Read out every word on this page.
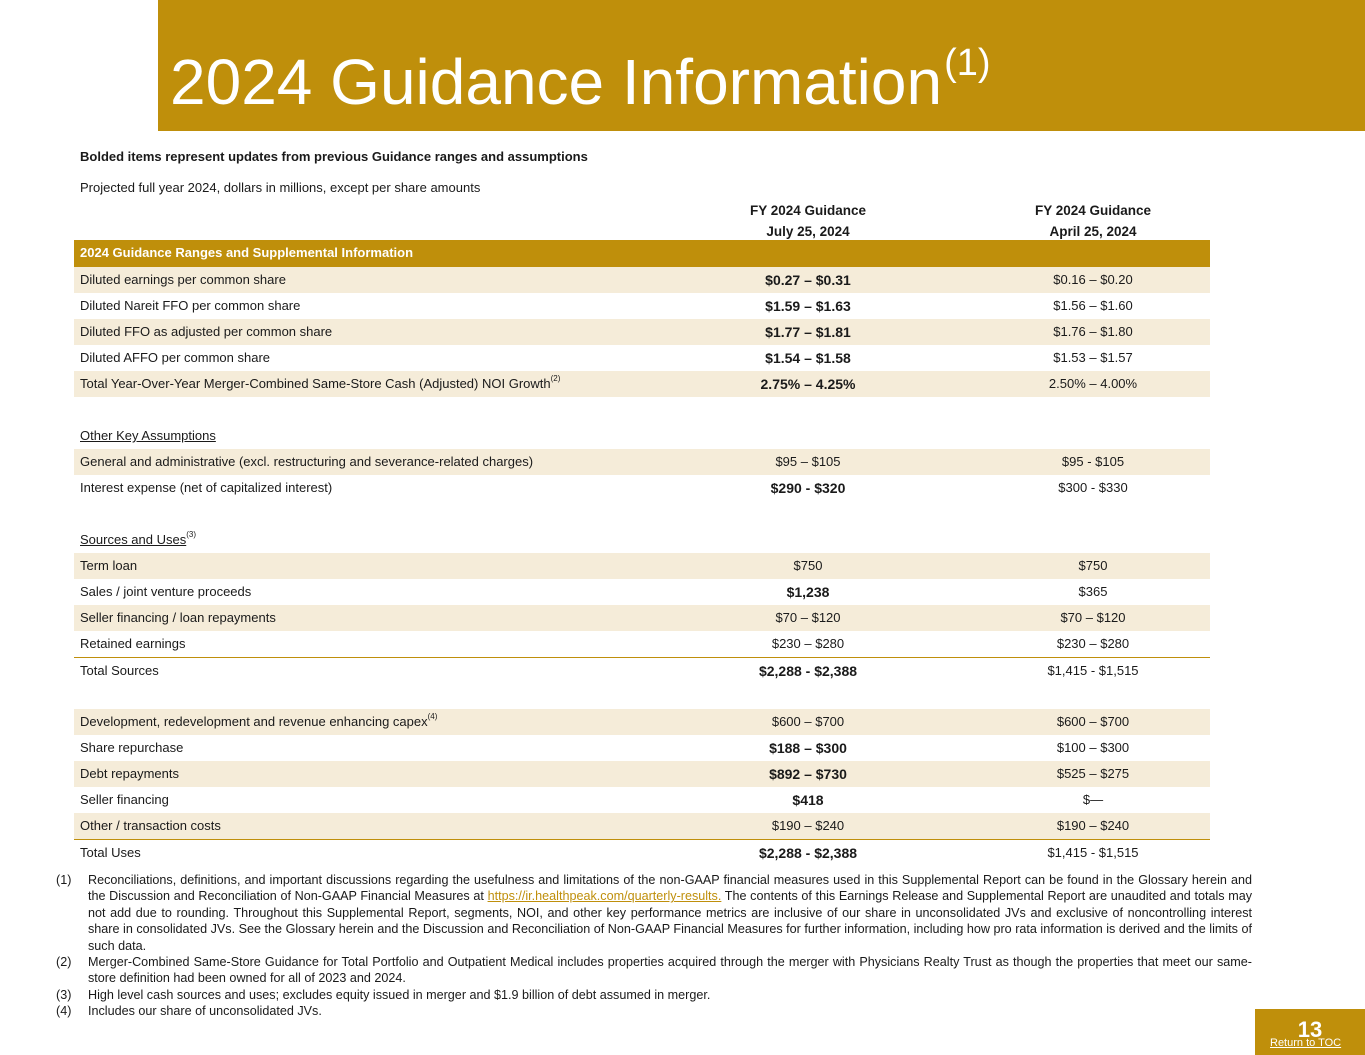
2024 Guidance Information$^{(1)}$
Bolded items represent updates from previous Guidance ranges and assumptions
Projected full year 2024, dollars in millions, except per share amounts
FY 2024 Guidance
July 25, 2024
FY 2024 Guidance
April 25, 2024
2024 Guidance Ranges and Supplemental Information
Diluted earnings per common share	$0.27 – $0.31	$0.16 – $0.20
Diluted Nareit FFO per common share	$1.59 – $1.63	$1.56 – $1.60
Diluted FFO as adjusted per common share	$1.77 – $1.81	$1.76 – $1.80
Diluted AFFO per common share	$1.54 – $1.58	$1.53 – $1.57
Total Year-Over-Year Merger-Combined Same-Store Cash (Adjusted) NOI Growth$^{(2)}$	2.75% – 4.25%	2.50% – 4.00%
Other Key Assumptions
General and administrative (excl. restructuring and severance-related charges)	$95 – $105	$95 - $105
Interest expense (net of capitalized interest)	$290 - $320	$300 - $330
Sources and Uses$^{(3)}$
Term loan	$750	$750
Sales / joint venture proceeds	$1,238	$365
Seller financing / loan repayments	$70 – $120	$70 – $120
Retained earnings	$230 – $280	$230 – $280
Total Sources	$2,288 - $2,388	$1,415 - $1,515
Development, redevelopment and revenue enhancing capex$^{(4)}$	$600 – $700	$600 – $700
Share repurchase	$188 – $300	$100 – $300
Debt repayments	$892 – $730	$525 – $275
Seller financing	$418	$—
Other / transaction costs	$190 – $240	$190 – $240
Total Uses	$2,288 - $2,388	$1,415 - $1,515
(1) Reconciliations, definitions, and important discussions regarding the usefulness and limitations of the non-GAAP financial measures used in this Supplemental Report can be found in the Glossary herein and the Discussion and Reconciliation of Non-GAAP Financial Measures at https://ir.healthpeak.com/quarterly-results. The contents of this Earnings Release and Supplemental Report are unaudited and totals may not add due to rounding. Throughout this Supplemental Report, segments, NOI, and other key performance metrics are inclusive of our share in unconsolidated JVs and exclusive of noncontrolling interest share in consolidated JVs. See the Glossary herein and the Discussion and Reconciliation of Non-GAAP Financial Measures for further information, including how pro rata information is derived and the limits of such data.
(2) Merger-Combined Same-Store Guidance for Total Portfolio and Outpatient Medical includes properties acquired through the merger with Physicians Realty Trust as though the properties that meet our same-store definition had been owned for all of 2023 and 2024.
(3) High level cash sources and uses; excludes equity issued in merger and $1.9 billion of debt assumed in merger.
(4) Includes our share of unconsolidated JVs.
13
Return to TOC
